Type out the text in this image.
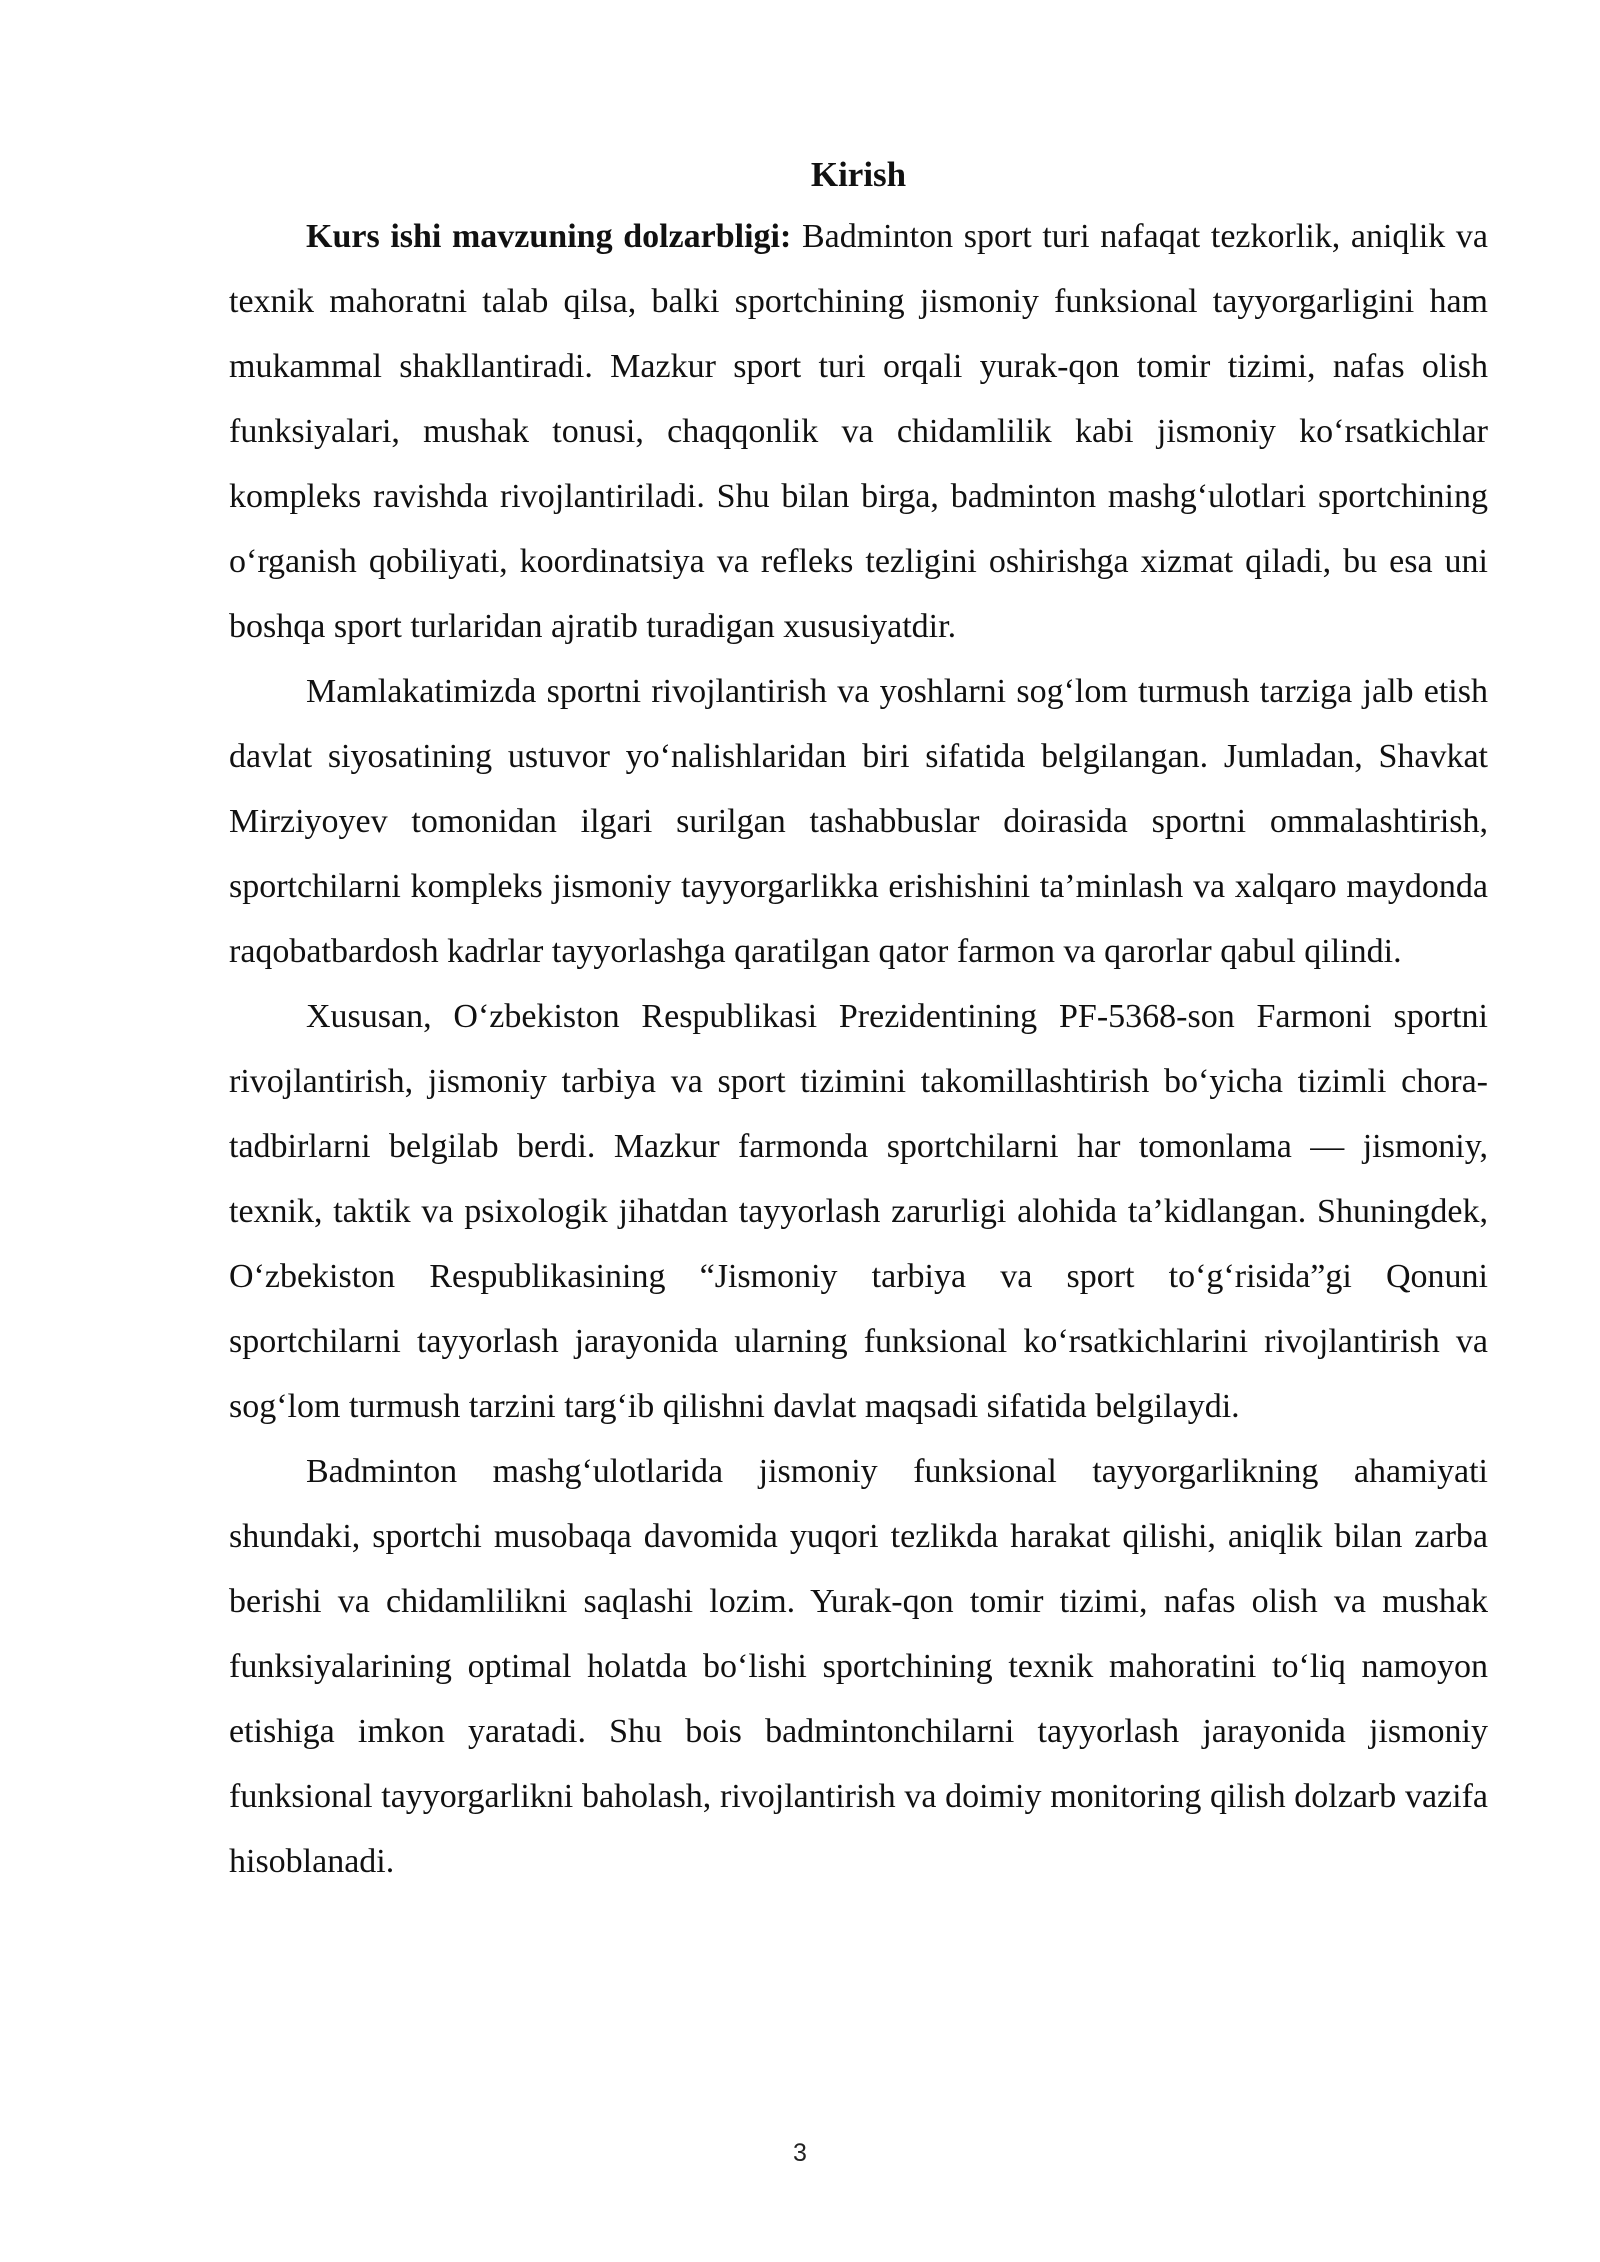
Kirish

Kurs ishi mavzuning dolzarbligi: Badminton sport turi nafaqat tezkorlik, aniqlik va texnik mahoratni talab qilsa, balki sportchining jismoniy funksional tayyorgarligini ham mukammal shakllantiradi. Mazkur sport turi orqali yurak-qon tomir tizimi, nafas olish funksiyalari, mushak tonusi, chaqqonlik va chidamlilik kabi jismoniy ko‘rsatkichlar kompleks ravishda rivojlantiriladi. Shu bilan birga, badminton mashg‘ulotlari sportchining o‘rganish qobiliyati, koordinatsiya va refleks tezligini oshirishga xizmat qiladi, bu esa uni boshqa sport turlaridan ajratib turadigan xususiyatdir.

Mamlakatimizda sportni rivojlantirish va yoshlarni sog‘lom turmush tarziga jalb etish davlat siyosatining ustuvor yo‘nalishlaridan biri sifatida belgilangan. Jumladan, Shavkat Mirziyoyev tomonidan ilgari surilgan tashabbuslar doirasida sportni ommalashtirish, sportchilarni kompleks jismoniy tayyorgarlikka erishishini ta’minlash va xalqaro maydonda raqobatbardosh kadrlar tayyorlashga qaratilgan qator farmon va qarorlar qabul qilindi.

Xususan, O‘zbekiston Respublikasi Prezidentining PF-5368-son Farmoni sportni rivojlantirish, jismoniy tarbiya va sport tizimini takomillashtirish bo‘yicha tizimli chora-tadbirlarni belgilab berdi. Mazkur farmonda sportchilarni har tomonlama — jismoniy, texnik, taktik va psixologik jihatdan tayyorlash zarurligi alohida ta’kidlangan. Shuningdek, O‘zbekiston Respublikasining “Jismoniy tarbiya va sport to‘g‘risida”gi Qonuni sportchilarni tayyorlash jarayonida ularning funksional ko‘rsatkichlarini rivojlantirish va sog‘lom turmush tarzini targ‘ib qilishni davlat maqsadi sifatida belgilaydi.

Badminton mashg‘ulotlarida jismoniy funksional tayyorgarlikning ahamiyati shundaki, sportchi musobaqa davomida yuqori tezlikda harakat qilishi, aniqlik bilan zarba berishi va chidamlilikni saqlashi lozim. Yurak-qon tomir tizimi, nafas olish va mushak funksiyalarining optimal holatda bo‘lishi sportchining texnik mahoratini to‘liq namoyon etishiga imkon yaratadi. Shu bois badmintonchilarni tayyorlash jarayonida jismoniy funksional tayyorgarlikni baholash, rivojlantirish va doimiy monitoring qilish dolzarb vazifa hisoblanadi.

3
